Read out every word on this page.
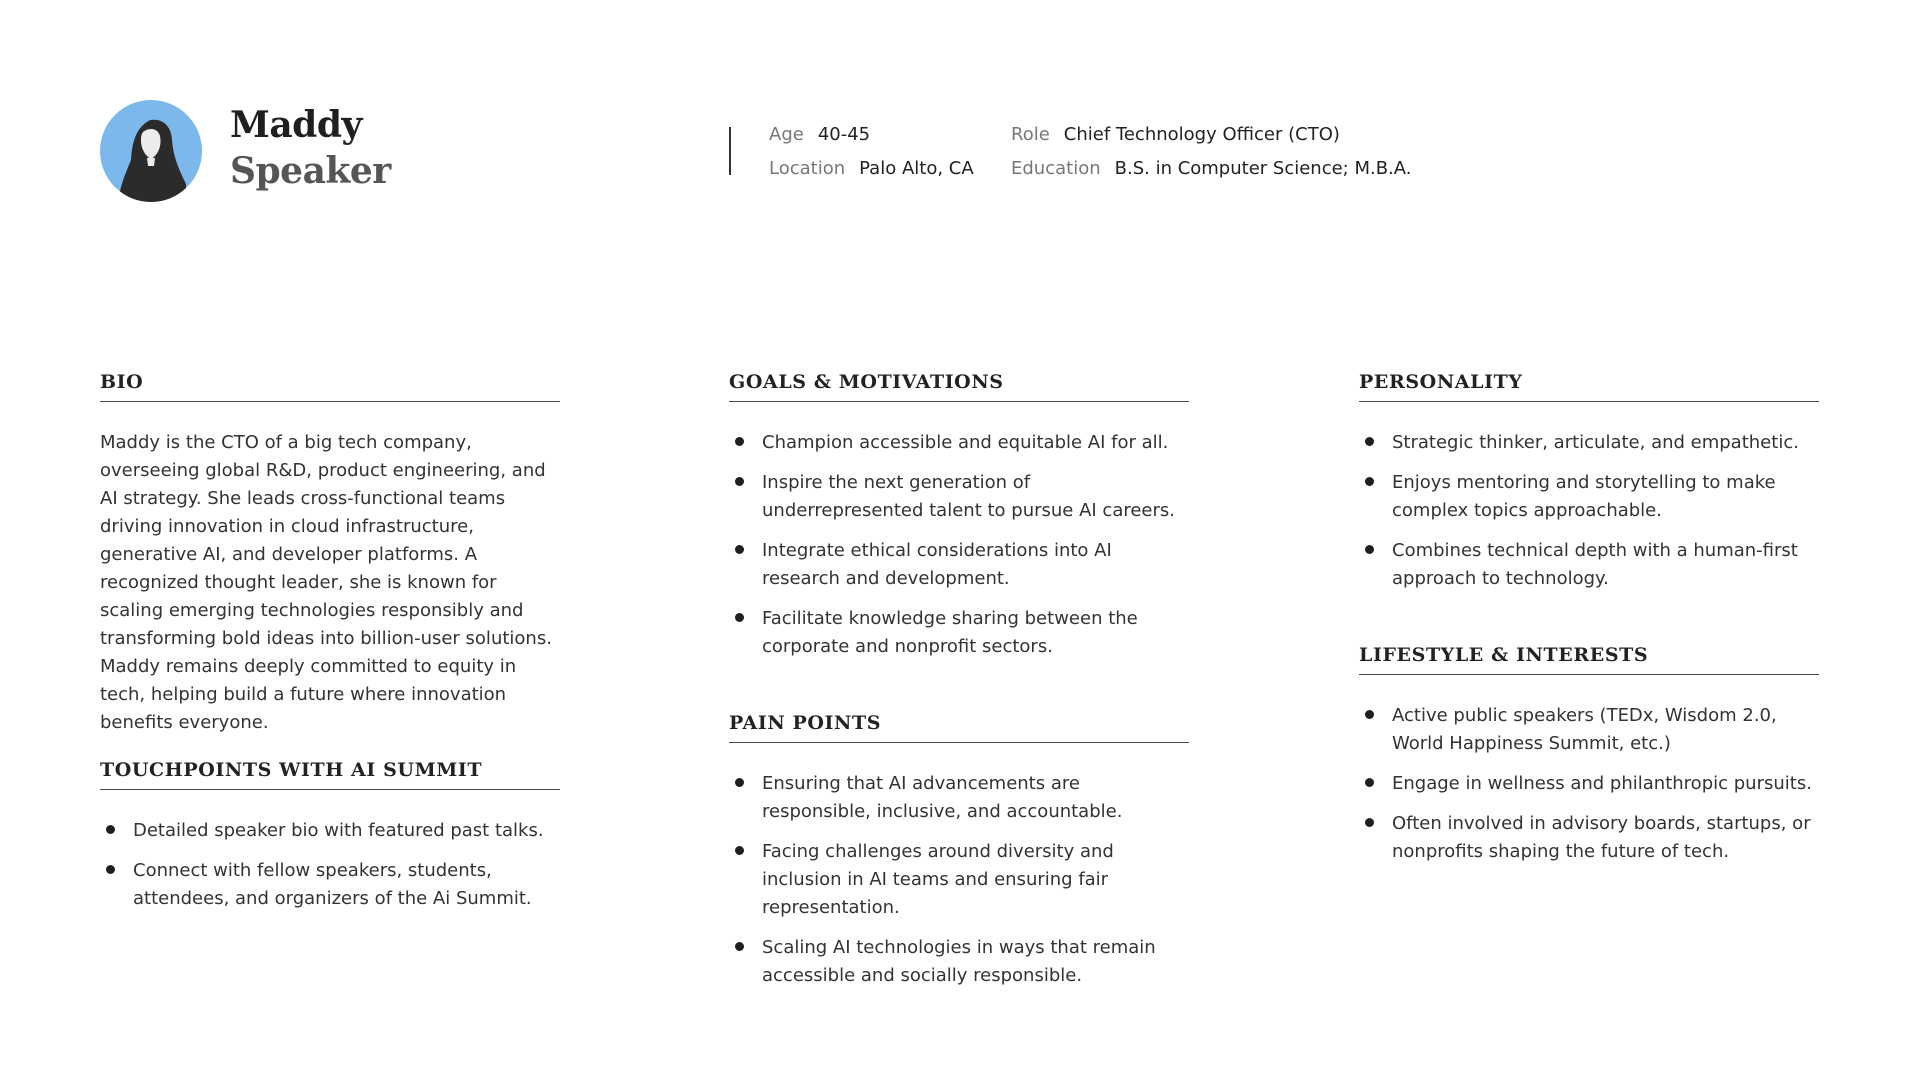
Maddy
Speaker
Age 40-45
Location Palo Alto, CA
Role Chief Technology Officer (CTO)
Education B.S. in Computer Science; M.B.A.
BIO

Maddy is the CTO of a big tech company, overseeing global R&D, product engineering, and AI strategy. She leads cross-functional teams driving innovation in cloud infrastructure, generative AI, and developer platforms. A recognized thought leader, she is known for scaling emerging technologies responsibly and transforming bold ideas into billion-user solutions. Maddy remains deeply committed to equity in tech, helping build a future where innovation benefits everyone.

TOUCHPOINTS WITH AI SUMMIT
Detailed speaker bio with featured past talks.
Connect with fellow speakers, students, attendees, and organizers of the Ai Summit.
GOALS & MOTIVATIONS
Champion accessible and equitable AI for all.
Inspire the next generation of underrepresented talent to pursue AI careers.
Integrate ethical considerations into AI research and development.
Facilitate knowledge sharing between the corporate and nonprofit sectors.
PAIN POINTS
Ensuring that AI advancements are responsible, inclusive, and accountable.
Facing challenges around diversity and inclusion in AI teams and ensuring fair representation.
Scaling AI technologies in ways that remain accessible and socially responsible.
PERSONALITY
Strategic thinker, articulate, and empathetic.
Enjoys mentoring and storytelling to make complex topics approachable.
Combines technical depth with a human-first approach to technology.
LIFESTYLE & INTERESTS
Active public speakers (TEDx, Wisdom 2.0, World Happiness Summit, etc.)
Engage in wellness and philanthropic pursuits.
Often involved in advisory boards, startups, or nonprofits shaping the future of tech.
